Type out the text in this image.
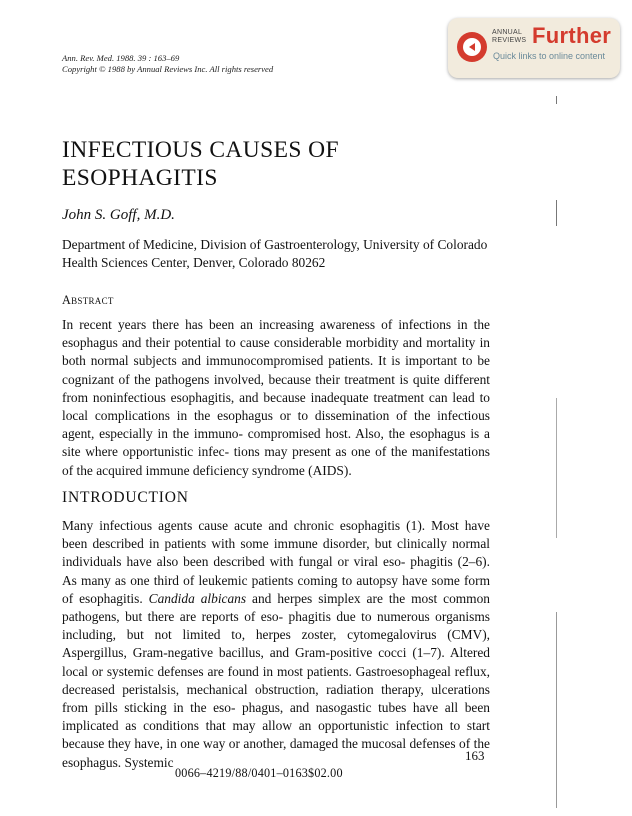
Ann. Rev. Med. 1988. 39 : 163–69
Copyright © 1988 by Annual Reviews Inc. All rights reserved
ANNUAL
REVIEWS Further
Quick links to online content
INFECTIOUS CAUSES OF
ESOPHAGITIS
John S. Goff, M.D.
Department of Medicine, Division of Gastroenterology, University of Colorado Health Sciences Center, Denver, Colorado 80262
Abstract

In recent years there has been an increasing awareness of infections in the esophagus and their potential to cause considerable morbidity and mortality in both normal subjects and immunocompromised patients. It is important to be cognizant of the pathogens involved, because their treatment is quite different from noninfectious esophagitis, and because inadequate treatment can lead to local complications in the esophagus or to dissemination of the infectious agent, especially in the immuno- compromised host. Also, the esophagus is a site where opportunistic infec- tions may present as one of the manifestations of the acquired immune deficiency syndrome (AIDS).

INTRODUCTION

Many infectious agents cause acute and chronic esophagitis (1). Most have been described in patients with some immune disorder, but clinically normal individuals have also been described with fungal or viral eso- phagitis (2–6). As many as one third of leukemic patients coming to autopsy have some form of esophagitis. Candida albicans and herpes simplex are the most common pathogens, but there are reports of eso- phagitis due to numerous organisms including, but not limited to, herpes zoster, cytomegalovirus (CMV), Aspergillus, Gram-negative bacillus, and Gram-positive cocci (1–7). Altered local or systemic defenses are found in most patients. Gastroesophageal reflux, decreased peristalsis, mechanical obstruction, radiation therapy, ulcerations from pills sticking in the eso- phagus, and nasogastic tubes have all been implicated as conditions that may allow an opportunistic infection to start because they have, in one way or another, damaged the mucosal defenses of the esophagus. Systemic	163
0066–4219/88/0401–0163$02.00
